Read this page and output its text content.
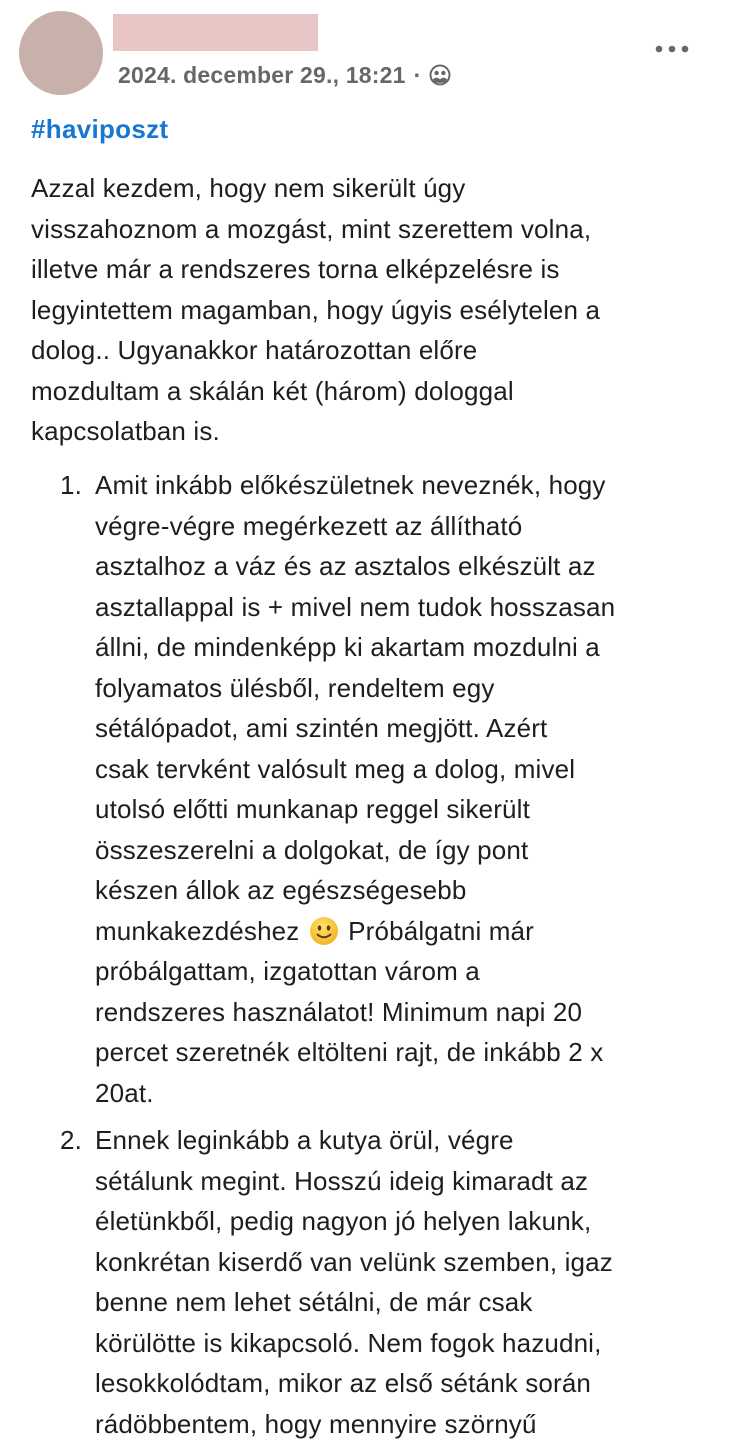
2024. december 29., 18:21 ·
#haviposzt

Azzal kezdem, hogy nem sikerült úgy
visszahoznom a mozgást, mint szerettem volna,
illetve már a rendszeres torna elképzelésre is
legyintettem magamban, hogy úgyis esélytelen a
dolog.. Ugyanakkor határozottan előre
mozdultam a skálán két (három) dologgal
kapcsolatban is.

1. Amit inkább előkészületnek neveznék, hogy
végre-végre megérkezett az állítható
asztalhoz a váz és az asztalos elkészült az
asztallappal is + mivel nem tudok hosszasan
állni, de mindenképp ki akartam mozdulni a
folyamatos ülésből, rendeltem egy
sétálópadot, ami szintén megjött. Azért
csak tervként valósult meg a dolog, mivel
utolsó előtti munkanap reggel sikerült
összeszerelni a dolgokat, de így pont
készen állok az egészségesebb
munkakezdéshez  Próbálgatni már
próbálgattam, izgatottan várom a
rendszeres használatot! Minimum napi 20
percet szeretnék eltölteni rajt, de inkább 2 x
20at.
2. Ennek leginkább a kutya örül, végre
sétálunk megint. Hosszú ideig kimaradt az
életünkből, pedig nagyon jó helyen lakunk,
konkrétan kiserdő van velünk szemben, igaz
benne nem lehet sétálni, de már csak
körülötte is kikapcsoló. Nem fogok hazudni,
lesokkolódtam, mikor az első sétánk során
rádöbbentem, hogy mennyire szörnyű
